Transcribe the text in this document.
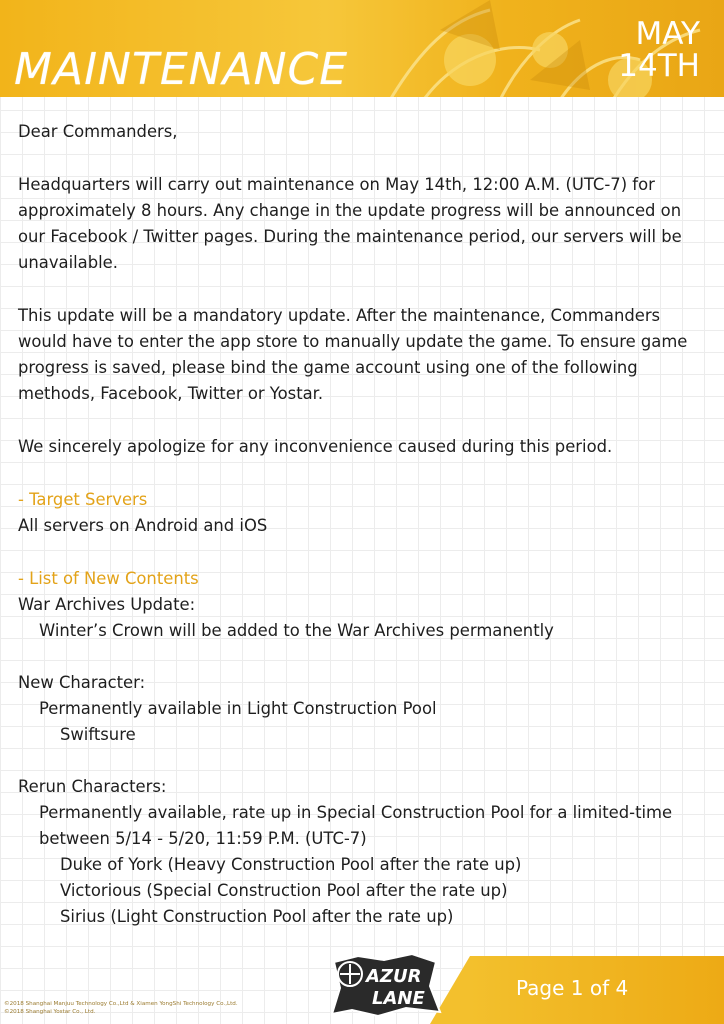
MAINTENANCE
MAY
14TH

Dear Commanders,

Headquarters will carry out maintenance on May 14th, 12:00 A.M. (UTC-7) for approximately 8 hours. Any change in the update progress will be announced on our Facebook / Twitter pages. During the maintenance period, our servers will be unavailable.

This update will be a mandatory update. After the maintenance, Commanders would have to enter the app store to manually update the game. To ensure game progress is saved, please bind the game account using one of the following methods, Facebook, Twitter or Yostar.

We sincerely apologize for any inconvenience caused during this period.

- Target Servers

All servers on Android and iOS

- List of New Contents

War Archives Update:

Winter’s Crown will be added to the War Archives permanently

New Character:

Permanently available in Light Construction Pool

Swiftsure

Rerun Characters:

Permanently available, rate up in Special Construction Pool for a limited-time

between 5/14 - 5/20, 11:59 P.M. (UTC-7)

Duke of York (Heavy Construction Pool after the rate up)

Victorious (Special Construction Pool after the rate up)

Sirius (Light Construction Pool after the rate up)

AZUR
LANE	Page 1 of 4
©2018 Shanghai Manjuu Technology Co.,Ltd & Xiamen YongShi Technology Co.,Ltd.
©2018 Shanghai Yostar Co., Ltd.
